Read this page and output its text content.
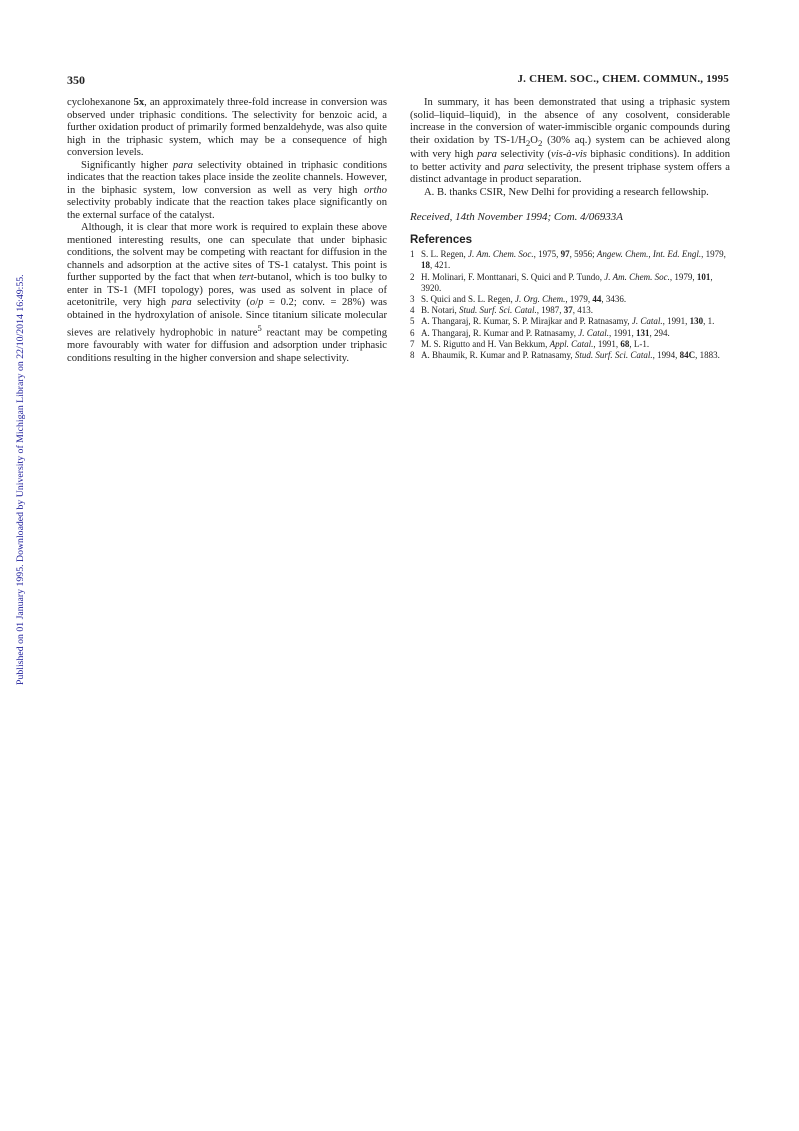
Published on 01 January 1995. Downloaded by University of Michigan Library on 22/10/2014 16:49:55.
350	J. CHEM. SOC., CHEM. COMMUN., 1995

cyclohexanone 5x, an approximately three-fold increase in conversion was observed under triphasic conditions. The selectivity for benzoic acid, a further oxidation product of primarily formed benzaldehyde, was also quite high in the triphasic system, which may be a consequence of high conversion levels.

Significantly higher para selectivity obtained in triphasic conditions indicates that the reaction takes place inside the zeolite channels. However, in the biphasic system, low conversion as well as very high ortho selectivity probably indicate that the reaction takes place significantly on the external surface of the catalyst.

Although, it is clear that more work is required to explain these above mentioned interesting results, one can speculate that under biphasic conditions, the solvent may be competing with reactant for diffusion in the channels and adsorption at the active sites of TS-1 catalyst. This point is further supported by the fact that when tert-butanol, which is too bulky to enter in TS-1 (MFI topology) pores, was used as solvent in place of acetonitrile, very high para selectivity (o/p = 0.2; conv. = 28%) was obtained in the hydroxylation of anisole. Since titanium silicate molecular sieves are relatively hydrophobic in nature$^5$ reactant may be competing more favourably with water for diffusion and adsorption under triphasic conditions resulting in the higher conversion and shape selectivity.

In summary, it has been demonstrated that using a triphasic system (solid–liquid–liquid), in the absence of any cosolvent, considerable increase in the conversion of water-immiscible organic compounds during their oxidation by $TS-1/H_2O_2$ (30% aq.) system can be achieved along with very high para selectivity (vis-à-vis biphasic conditions). In addition to better activity and para selectivity, the present triphase system offers a distinct advantage in product separation.

A. B. thanks CSIR, New Delhi for providing a research fellowship.

Received, 14th November 1994; Com. 4/06933A
References
1 S. L. Regen, J. Am. Chem. Soc., 1975, 97, 5956; Angew. Chem., Int. Ed. Engl., 1979, 18, 421.
2 H. Molinari, F. Monttanari, S. Quici and P. Tundo, J. Am. Chem. Soc., 1979, 101, 3920.
3 S. Quici and S. L. Regen, J. Org. Chem., 1979, 44, 3436.
4 B. Notari, Stud. Surf. Sci. Catal., 1987, 37, 413.
5 A. Thangaraj, R. Kumar, S. P. Mirajkar and P. Ratnasamy, J. Catal., 1991, 130, 1.
6 A. Thangaraj, R. Kumar and P. Ratnasamy, J. Catal., 1991, 131, 294.
7 M. S. Rigutto and H. Van Bekkum, Appl. Catal., 1991, 68, L-1.
8 A. Bhaumik, R. Kumar and P. Ratnasamy, Stud. Surf. Sci. Catal., 1994, 84C, 1883.
